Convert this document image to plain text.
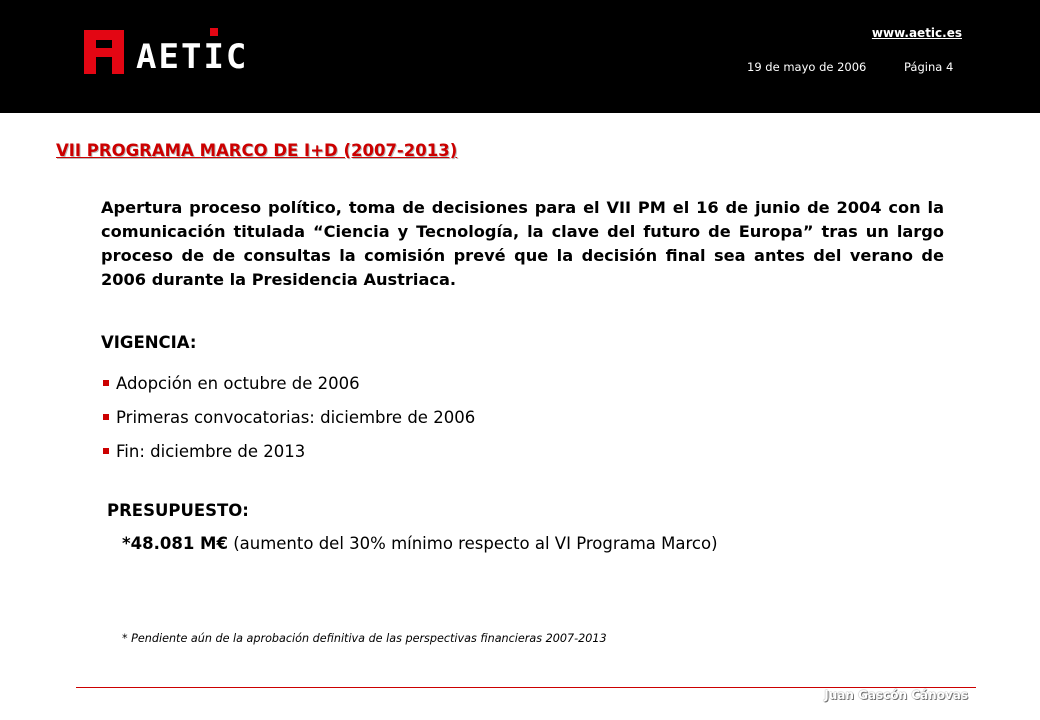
AETIC
www.aetic.es
19 de mayo de 2006	Página 4
VII PROGRAMA MARCO DE I+D (2007-2013)
Apertura proceso político, toma de decisiones para el VII PM el 16 de junio de 2004 con la comunicación titulada “Ciencia y Tecnología, la clave del futuro de Europa” tras un largo proceso de de consultas la comisión prevé que la decisión final sea antes del verano de 2006 durante la Presidencia Austriaca.
VIGENCIA:
Adopción en octubre de 2006
Primeras convocatorias: diciembre de 2006
Fin: diciembre de 2013
PRESUPUESTO:
*48.081 M€ (aumento del 30% mínimo respecto al VI Programa Marco)
* Pendiente aún de la aprobación definitiva de las perspectivas financieras 2007-2013
Juan Gascón Cánovas
